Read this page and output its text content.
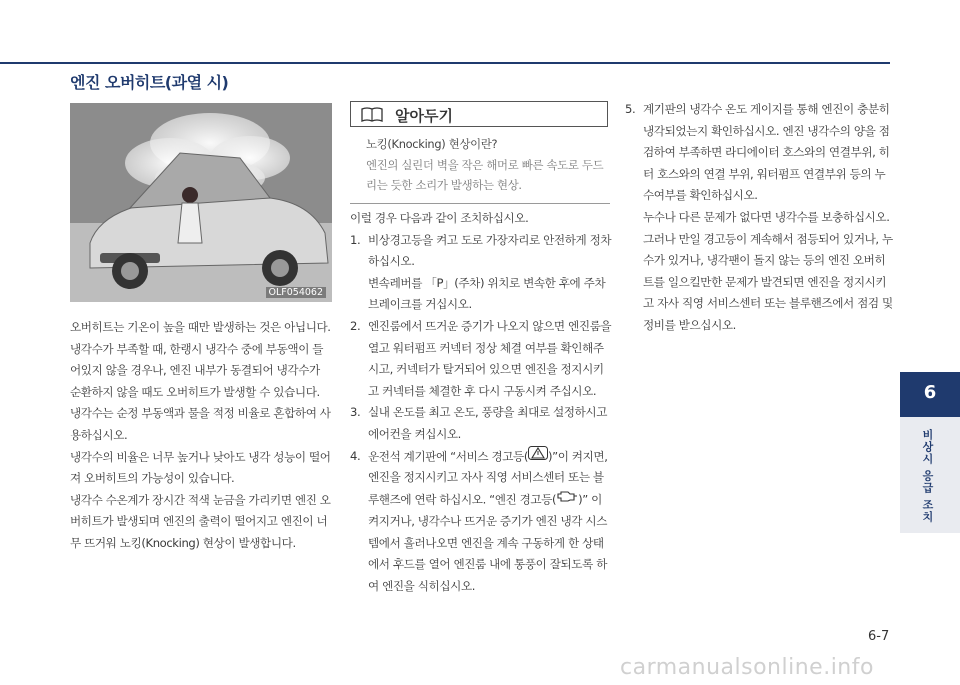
엔진 오버히트(과열 시)
OLF054062

오버히트는 기온이 높을 때만 발생하는 것은 아닙니다. 냉각수가 부족할 때, 한랭시 냉각수 중에 부동액이 들어있지 않을 경우나, 엔진 내부가 동결되어 냉각수가 순환하지 않을 때도 오버히트가 발생할 수 있습니다.

냉각수는 순정 부동액과 물을 적정 비율로 혼합하여 사용하십시오.

냉각수의 비율은 너무 높거나 낮아도 냉각 성능이 떨어져 오버히트의 가능성이 있습니다.

냉각수 수온계가 장시간 적색 눈금을 가리키면 엔진 오버히트가 발생되며 엔진의 출력이 떨어지고 엔진이 너무 뜨거워 노킹(Knocking) 현상이 발생합니다.

알아두기

노킹(Knocking) 현상이란?

엔진의 실린더 벽을 작은 해머로 빠른 속도로 두드리는 듯한 소리가 발생하는 현상.

이럴 경우 다음과 같이 조치하십시오.

1. 비상경고등을 켜고 도로 가장자리로 안전하게 정차하십시오.

변속레버를 「P」(주차) 위치로 변속한 후에 주차 브레이크를 거십시오.

2. 엔진룸에서 뜨거운 증기가 나오지 않으면 엔진룸을 열고 워터펌프 커넥터 정상 체결 여부를 확인해주시고, 커넥터가 탈거되어 있으면 엔진을 정지시키고 커넥터를 체결한 후 다시 구동시켜 주십시오.

3. 실내 온도를 최고 온도, 풍량을 최대로 설정하시고 에어컨을 켜십시오.

4. 운전석 계기판에 “서비스 경고등( )”이 켜지면, 엔진을 정지시키고 자사 직영 서비스센터 또는 블루핸즈에 연락 하십시오. “엔진 경고등( )” 이 켜지거나, 냉각수나 뜨거운 증기가 엔진 냉각 시스템에서 흘러나오면 엔진을 계속 구동하게 한 상태에서 후드를 열어 엔진룸 내에 통풍이 잘되도록 하여 엔진을 식히십시오.

5. 계기판의 냉각수 온도 게이지를 통해 엔진이 충분히 냉각되었는지 확인하십시오. 엔진 냉각수의 양을 점검하여 부족하면 라디에이터 호스와의 연결부위, 히터 호스와의 연결 부위, 워터펌프 연결부위 등의 누수여부를 확인하십시오.

누수나 다른 문제가 없다면 냉각수를 보충하십시오. 그러나 만일 경고등이 계속해서 점등되어 있거나, 누수가 있거나, 냉각팬이 돌지 않는 등의 엔진 오버히트를 일으킬만한 문제가 발견되면 엔진을 정지시키고 자사 직영 서비스센터 또는 블루핸즈에서 점검 및 정비를 받으십시오.

6
비상시 응급 조치
6-7
carmanualsonline.info
